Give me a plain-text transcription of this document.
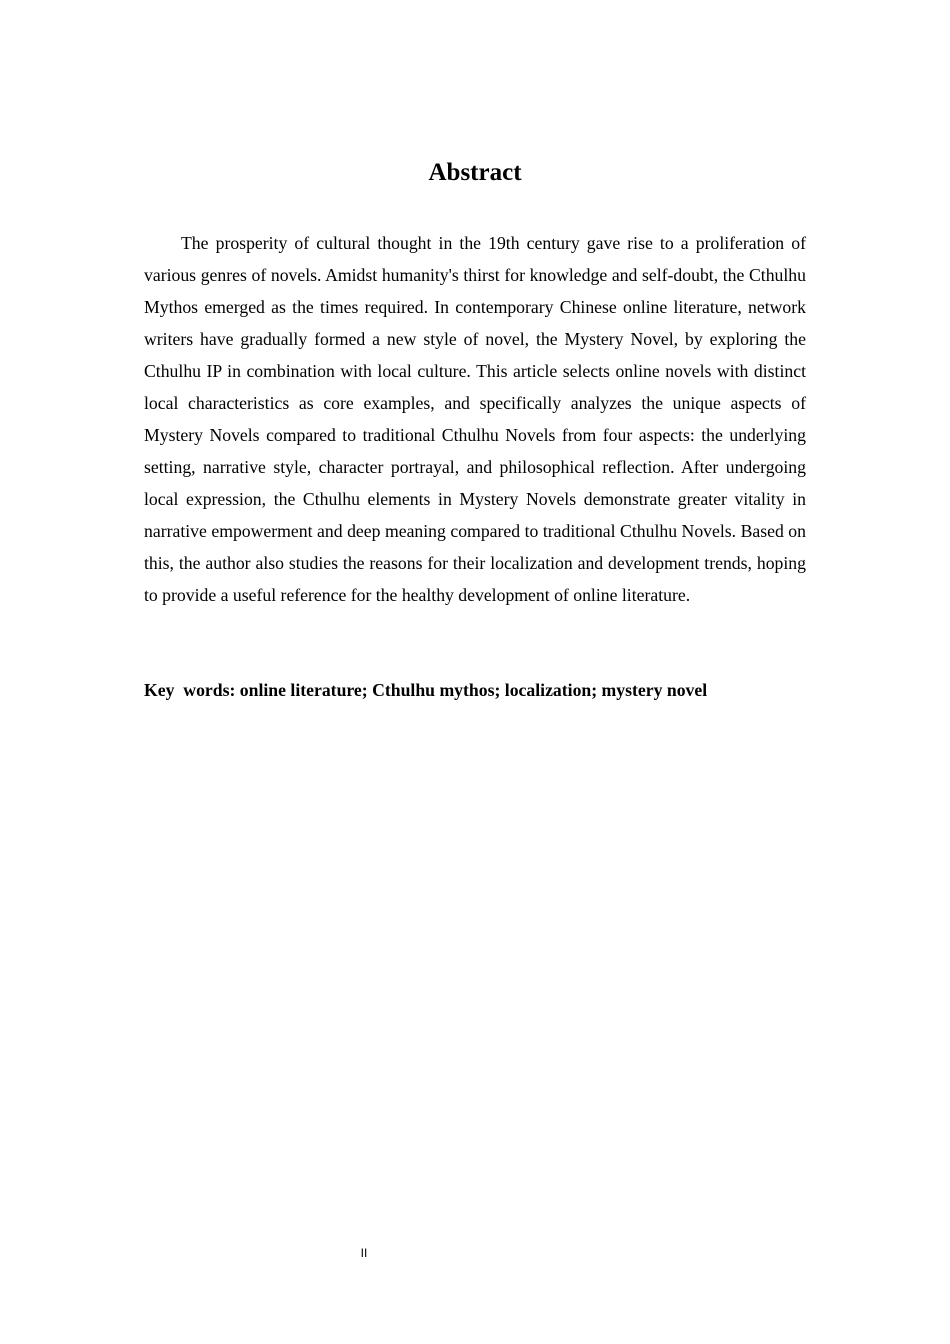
Abstract

The prosperity of cultural thought in the 19th century gave rise to a proliferation of various genres of novels. Amidst humanity's thirst for knowledge and self-doubt, the Cthulhu Mythos emerged as the times required. In contemporary Chinese online literature, network writers have gradually formed a new style of novel, the Mystery Novel, by exploring the Cthulhu IP in combination with local culture. This article selects online novels with distinct local characteristics as core examples, and specifically analyzes the unique aspects of Mystery Novels compared to traditional Cthulhu Novels from four aspects: the underlying setting, narrative style, character portrayal, and philosophical reflection. After undergoing local expression, the Cthulhu elements in Mystery Novels demonstrate greater vitality in narrative empowerment and deep meaning compared to traditional Cthulhu Novels. Based on this, the author also studies the reasons for their localization and development trends, hoping to provide a useful reference for the healthy development of online literature.

Key  words: online literature; Cthulhu mythos; localization; mystery novel

II
